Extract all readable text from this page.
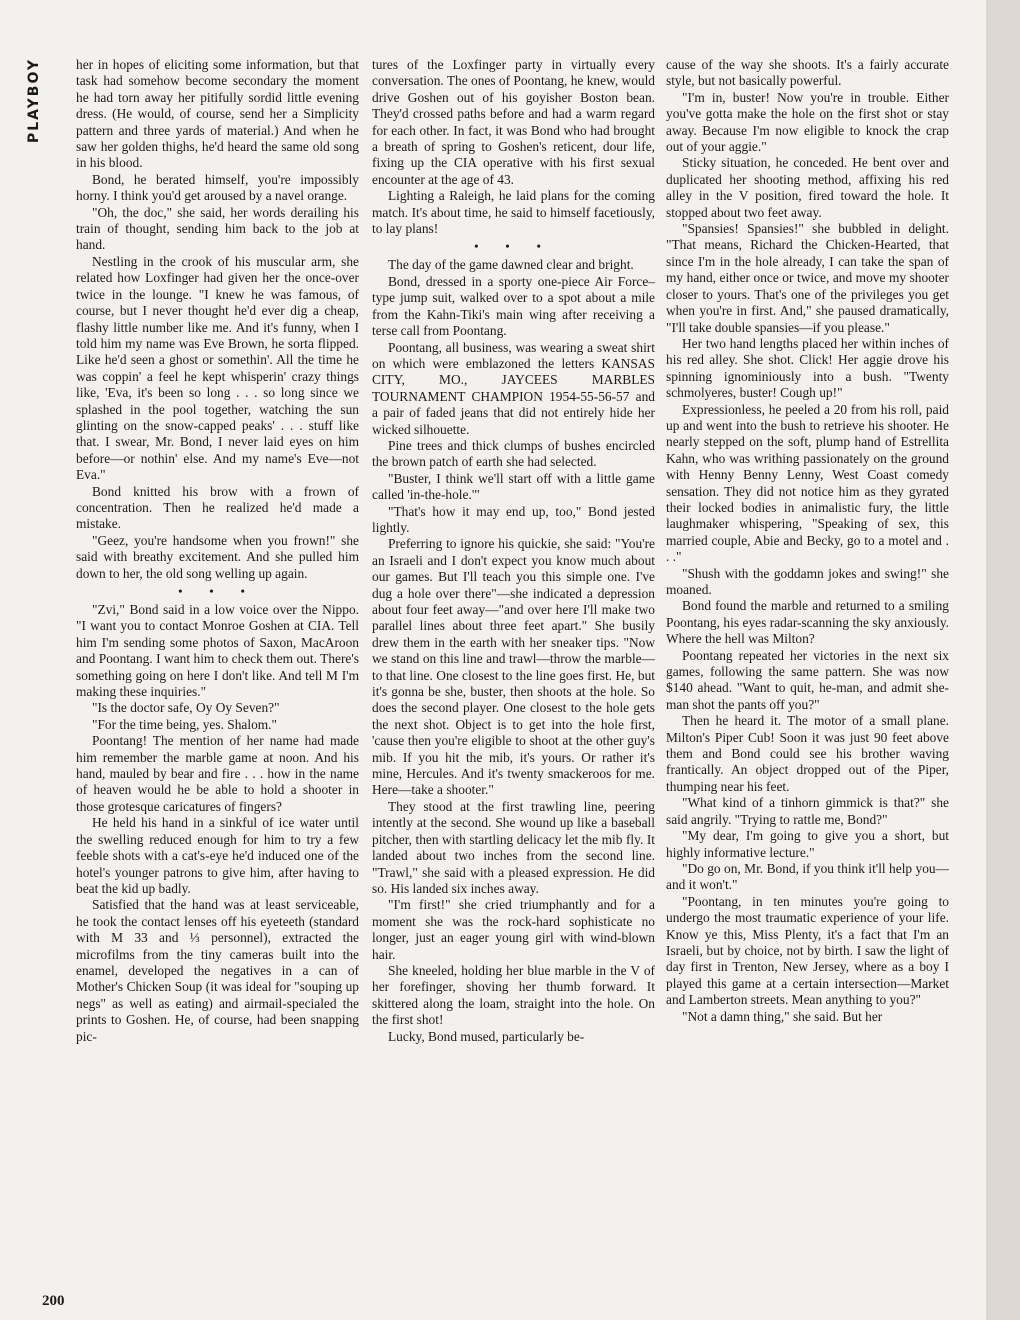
PLAYBOY	her in hopes of eliciting some information, but that task had somehow become secondary the moment he had torn away her pitifully sordid little evening dress. (He would, of course, send her a Simplicity pattern and three yards of material.) And when he saw her golden thighs, he'd heard the same old song in his blood.

Bond, he berated himself, you're impossibly horny. I think you'd get aroused by a navel orange.

"Oh, the doc," she said, her words derailing his train of thought, sending him back to the job at hand.

Nestling in the crook of his muscular arm, she related how Loxfinger had given her the once-over twice in the lounge. "I knew he was famous, of course, but I never thought he'd ever dig a cheap, flashy little number like me. And it's funny, when I told him my name was Eve Brown, he sorta flipped. Like he'd seen a ghost or somethin'. All the time he was coppin' a feel he kept whisperin' crazy things like, 'Eva, it's been so long . . . so long since we splashed in the pool together, watching the sun glinting on the snow-capped peaks' . . . stuff like that. I swear, Mr. Bond, I never laid eyes on him before—or nothin' else. And my name's Eve—not Eva."

Bond knitted his brow with a frown of concentration. Then he realized he'd made a mistake.

"Geez, you're handsome when you frown!" she said with breathy excitement. And she pulled him down to her, the old song welling up again.

• • •

"Zvi," Bond said in a low voice over the Nippo. "I want you to contact Monroe Goshen at CIA. Tell him I'm sending some photos of Saxon, MacAroon and Poontang. I want him to check them out. There's something going on here I don't like. And tell M I'm making these inquiries."

"Is the doctor safe, Oy Oy Seven?"

"For the time being, yes. Shalom."

Poontang! The mention of her name had made him remember the marble game at noon. And his hand, mauled by bear and fire . . . how in the name of heaven would he be able to hold a shooter in those grotesque caricatures of fingers?

He held his hand in a sinkful of ice water until the swelling reduced enough for him to try a few feeble shots with a cat's-eye he'd induced one of the hotel's younger patrons to give him, after having to beat the kid up badly.

Satisfied that the hand was at least serviceable, he took the contact lenses off his eyeteeth (standard with M 33 and ⅓ personnel), extracted the microfilms from the tiny cameras built into the enamel, developed the negatives in a can of Mother's Chicken Soup (it was ideal for "souping up negs" as well as eating) and airmail-specialed the prints to Goshen. He, of course, had been snapping pic-

tures of the Loxfinger party in virtually every conversation. The ones of Poontang, he knew, would drive Goshen out of his goyisher Boston bean. They'd crossed paths before and had a warm regard for each other. In fact, it was Bond who had brought a breath of spring to Goshen's reticent, dour life, fixing up the CIA operative with his first sexual encounter at the age of 43.

Lighting a Raleigh, he laid plans for the coming match. It's about time, he said to himself facetiously, to lay plans!

• • •

The day of the game dawned clear and bright.

Bond, dressed in a sporty one-piece Air Force–type jump suit, walked over to a spot about a mile from the Kahn-Tiki's main wing after receiving a terse call from Poontang.

Poontang, all business, was wearing a sweat shirt on which were emblazoned the letters KANSAS CITY, MO., JAYCEES MARBLES TOURNAMENT CHAMPION 1954-55-56-57 and a pair of faded jeans that did not entirely hide her wicked silhouette.

Pine trees and thick clumps of bushes encircled the brown patch of earth she had selected.

"Buster, I think we'll start off with a little game called 'in-the-hole.'"

"That's how it may end up, too," Bond jested lightly.

Preferring to ignore his quickie, she said: "You're an Israeli and I don't expect you know much about our games. But I'll teach you this simple one. I've dug a hole over there"—she indicated a depression about four feet away—"and over here I'll make two parallel lines about three feet apart." She busily drew them in the earth with her sneaker tips. "Now we stand on this line and trawl—throw the marble—to that line. One closest to the line goes first. He, but it's gonna be she, buster, then shoots at the hole. So does the second player. One closest to the hole gets the next shot. Object is to get into the hole first, 'cause then you're eligible to shoot at the other guy's mib. If you hit the mib, it's yours. Or rather it's mine, Hercules. And it's twenty smackeroos for me. Here—take a shooter."

They stood at the first trawling line, peering intently at the second. She wound up like a baseball pitcher, then with startling delicacy let the mib fly. It landed about two inches from the second line. "Trawl," she said with a pleased expression. He did so. His landed six inches away.

"I'm first!" she cried triumphantly and for a moment she was the rock-hard sophisticate no longer, just an eager young girl with wind-blown hair.

She kneeled, holding her blue marble in the V of her forefinger, shoving her thumb forward. It skittered along the loam, straight into the hole. On the first shot!

Lucky, Bond mused, particularly be-

cause of the way she shoots. It's a fairly accurate style, but not basically powerful.

"I'm in, buster! Now you're in trouble. Either you've gotta make the hole on the first shot or stay away. Because I'm now eligible to knock the crap out of your aggie."

Sticky situation, he conceded. He bent over and duplicated her shooting method, affixing his red alley in the V position, fired toward the hole. It stopped about two feet away.

"Spansies! Spansies!" she bubbled in delight. "That means, Richard the Chicken-Hearted, that since I'm in the hole already, I can take the span of my hand, either once or twice, and move my shooter closer to yours. That's one of the privileges you get when you're in first. And," she paused dramatically, "I'll take double spansies—if you please."

Her two hand lengths placed her within inches of his red alley. She shot. Click! Her aggie drove his spinning ignominiously into a bush. "Twenty schmolyeres, buster! Cough up!"

Expressionless, he peeled a 20 from his roll, paid up and went into the bush to retrieve his shooter. He nearly stepped on the soft, plump hand of Estrellita Kahn, who was writhing passionately on the ground with Henny Benny Lenny, West Coast comedy sensation. They did not notice him as they gyrated their locked bodies in animalistic fury, the little laughmaker whispering, "Speaking of sex, this married couple, Abie and Becky, go to a motel and . . ."

"Shush with the goddamn jokes and swing!" she moaned.

Bond found the marble and returned to a smiling Poontang, his eyes radar-scanning the sky anxiously. Where the hell was Milton?

Poontang repeated her victories in the next six games, following the same pattern. She was now $140 ahead. "Want to quit, he-man, and admit she-man shot the pants off you?"

Then he heard it. The motor of a small plane. Milton's Piper Cub! Soon it was just 90 feet above them and Bond could see his brother waving frantically. An object dropped out of the Piper, thumping near his feet.

"What kind of a tinhorn gimmick is that?" she said angrily. "Trying to rattle me, Bond?"

"My dear, I'm going to give you a short, but highly informative lecture."

"Do go on, Mr. Bond, if you think it'll help you—and it won't."

"Poontang, in ten minutes you're going to undergo the most traumatic experience of your life. Know ye this, Miss Plenty, it's a fact that I'm an Israeli, but by choice, not by birth. I saw the light of day first in Trenton, New Jersey, where as a boy I played this game at a certain intersection—Market and Lamberton streets. Mean anything to you?"

"Not a damn thing," she said. But her

200
